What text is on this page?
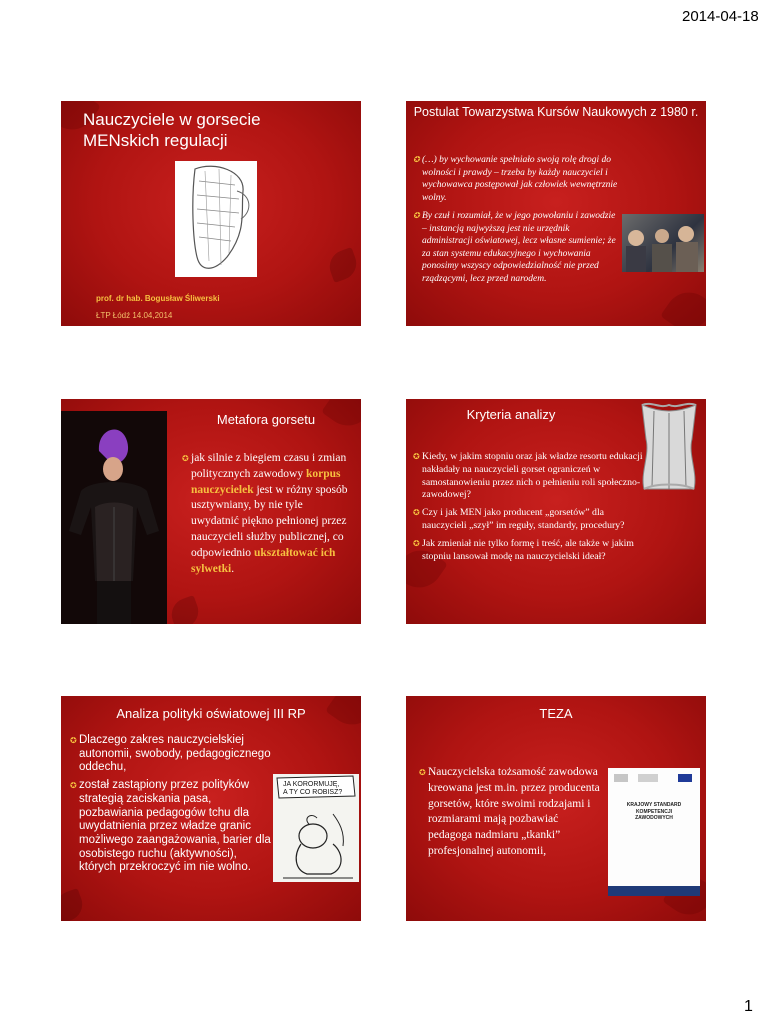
2014-04-18
Nauczyciele w gorsecie
MENskich regulacji
prof. dr hab. Bogusław Śliwerski
ŁTP Łódź 14.04,2014
Postulat Towarzystwa Kursów Naukowych z 1980 r.
✪ (…) by wychowanie spełniało swoją rolę drogi do wolności i prawdy – trzeba by każdy nauczyciel i wychowawca postępował jak człowiek wewnętrznie wolny.
✪ By czuł i rozumiał, że w jego powołaniu i zawodzie – instancją najwyższą jest nie urzędnik administracji oświatowej, lecz własne sumienie; że za stan systemu edukacyjnego i wychowania ponosimy wszyscy odpowiedzialność nie przed rządzącymi, lecz przed narodem.
Metafora gorsetu
✪ jak silnie z biegiem czasu i zmian politycznych zawodowy korpus nauczycielek jest w różny sposób usztywniany, by nie tyle uwydatnić piękno pełnionej przez nauczycieli służby publicznej, co odpowiednio ukształtować ich sylwetki.
Kryteria analizy
✪ Kiedy, w jakim stopniu oraz jak władze resortu edukacji nakładały na nauczycieli gorset ograniczeń w samostanowieniu przez nich o pełnieniu roli społeczno-zawodowej?
✪ Czy i jak MEN jako producent „gorsetów” dla nauczycieli „szył” im reguły, standardy, procedury?
✪ Jak zmieniał nie tylko formę i treść, ale także w jakim stopniu lansował modę na nauczycielski ideał?
Analiza polityki oświatowej III RP
✪ Dlaczego zakres nauczycielskiej autonomii, swobody, pedagogicznego oddechu,
✪ został zastąpiony przez polityków strategią zaciskania pasa, pozbawiania pedagogów tchu dla uwydatnienia przez władze granic możliwego zaangażowania, barier dla osobistego ruchu (aktywności), których przekroczyć im nie wolno.
JA KORORMUJĘ,
A TY CO ROBISZ?
TEZA
✪ Nauczycielska tożsamość zawodowa kreowana jest m.in. przez producenta gorsetów, które swoimi rodzajami i rozmiarami mają pozbawiać pedagoga nadmiaru „tkanki” profesjonalnej autonomii,
KRAJOWY STANDARD
KOMPETENCJI ZAWODOWYCH
1
